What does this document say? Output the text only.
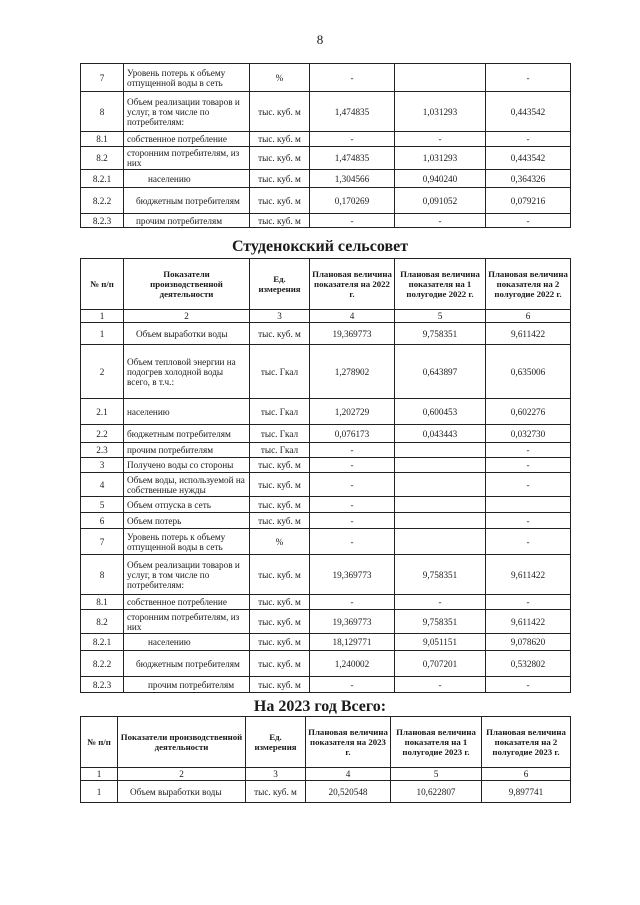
8
7	Уровень потерь к объему отпущенной воды в сеть	%	-		-
8	Объем реализации товаров и услуг, в том числе по потребителям:	тыс. куб. м	1,474835	1,031293	0,443542
8.1	собственное потребление	тыс. куб. м	-	-	-
8.2	сторонним потребителям, из них	тыс. куб. м	1,474835	1,031293	0,443542
8.2.1	населению	тыс. куб. м	1,304566	0,940240	0,364326
8.2.2	бюджетным потребителям	тыс. куб. м	0,170269	0,091052	0,079216
8.2.3	прочим потребителям	тыс. куб. м	-	-	-
Студенокский сельсовет
№ п/п	Показатели производственной деятельности	Ед. измерения	Плановая величина показателя на 2022 г.	Плановая величина показателя на 1 полугодие 2022 г.	Плановая величина показателя на 2 полугодие 2022 г.
1	2	3	4	5	6
1	Объем выработки воды	тыс. куб. м	19,369773	9,758351	9,611422
2	Объем тепловой энергии на подогрев холодной воды всего, в т.ч.:	тыс. Гкал	1,278902	0,643897	0,635006
2.1	населению	тыс. Гкал	1,202729	0,600453	0,602276
2.2	бюджетным потребителям	тыс. Гкал	0,076173	0,043443	0,032730
2.3	прочим потребителям	тыс. Гкал	-		-
3	Получено воды со стороны	тыс. куб. м	-		-
4	Объем воды, используемой на собственные нужды	тыс. куб. м	-		-
5	Объем отпуска в сеть	тыс. куб. м	-		
6	Объем потерь	тыс. куб. м	-		-
7	Уровень потерь к объему отпущенной воды в сеть	%	-		-
8	Объем реализации товаров и услуг, в том числе по потребителям:	тыс. куб. м	19,369773	9,758351	9,611422
8.1	собственное потребление	тыс. куб. м	-	-	-
8.2	сторонним потребителям, из них	тыс. куб. м	19,369773	9,758351	9,611422
8.2.1	населению	тыс. куб. м	18,129771	9,051151	9,078620
8.2.2	бюджетным потребителям	тыс. куб. м	1,240002	0,707201	0,532802
8.2.3	прочим потребителям	тыс. куб. м	-	-	-
На 2023 год Всего:
№ п/п	Показатели производственной деятельности	Ед. измерения	Плановая величина показателя на 2023 г.	Плановая величина показателя на 1 полугодие 2023 г.	Плановая величина показателя на 2 полугодие 2023 г.
1	2	3	4	5	6
1	Объем выработки воды	тыс. куб. м	20,520548	10,622807	9,897741
